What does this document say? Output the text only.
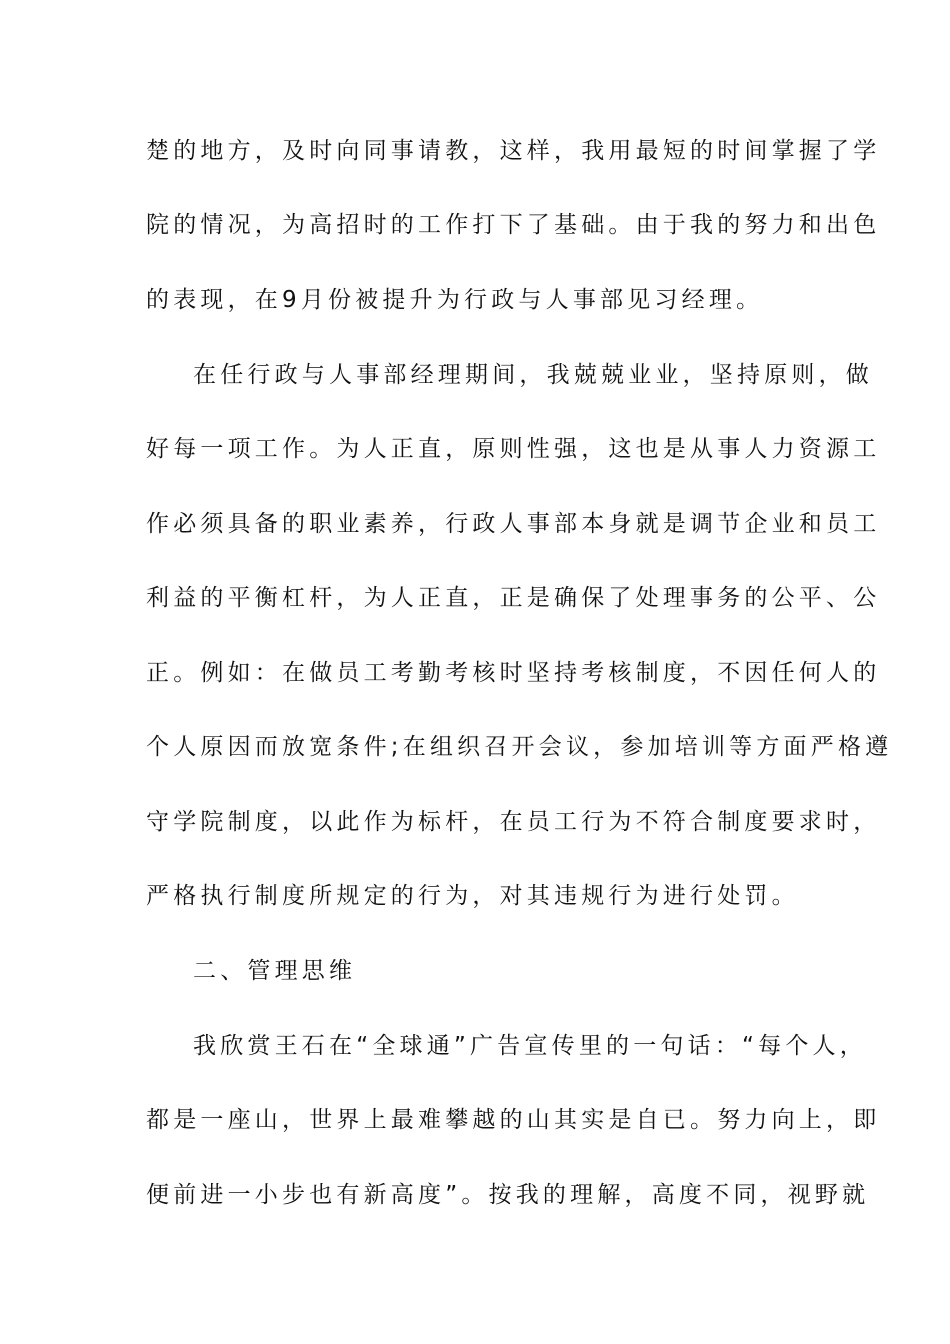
楚的地方，及时向同事请教，这样，我用最短的时间掌握了学
院的情况，为高招时的工作打下了基础。由于我的努力和出色
的表现，在9月份被提升为行政与人事部见习经理。
在任行政与人事部经理期间，我兢兢业业，坚持原则，做
好每一项工作。为人正直，原则性强，这也是从事人力资源工
作必须具备的职业素养，行政人事部本身就是调节企业和员工
利益的平衡杠杆，为人正直，正是确保了处理事务的公平、公
正。例如：在做员工考勤考核时坚持考核制度，不因任何人的
个人原因而放宽条件;在组织召开会议，参加培训等方面严格遵
守学院制度，以此作为标杆，在员工行为不符合制度要求时，
严格执行制度所规定的行为，对其违规行为进行处罚。
二、管理思维
我欣赏王石在“全球通”广告宣传里的一句话：“每个人，
都是一座山，世界上最难攀越的山其实是自已。努力向上，即
便前进一小步也有新高度”。按我的理解，高度不同，视野就
